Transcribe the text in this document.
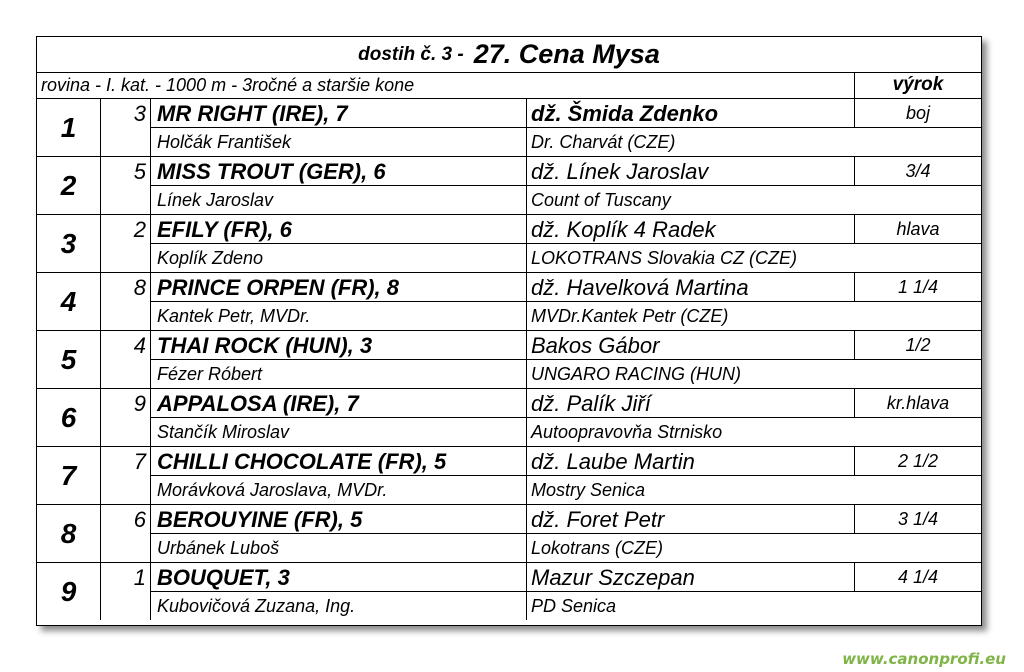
dostih č. 3 - 27. Cena Mysa
rovina - I. kat. - 1000 m - 3ročné a staršie kone	výrok
1	3 MR RIGHT (IRE), 7	dž. Šmida Zdenko	boj
Holčák František	Dr. Charvát (CZE)
2	5 MISS TROUT (GER), 6	dž. Línek Jaroslav	3/4
Línek Jaroslav	Count of Tuscany
3	2 EFILY (FR), 6	dž. Koplík 4 Radek	hlava
Koplík Zdeno	LOKOTRANS Slovakia CZ (CZE)
4	8 PRINCE ORPEN (FR), 8	dž. Havelková Martina	1 1/4
Kantek Petr, MVDr.	MVDr.Kantek Petr (CZE)
5	4 THAI ROCK (HUN), 3	Bakos Gábor	1/2
Fézer Róbert	UNGARO RACING (HUN)
6	9 APPALOSA (IRE), 7	dž. Palík Jiří	kr.hlava
Stančík Miroslav	Autoopravovňa Strnisko
7	7 CHILLI CHOCOLATE (FR), 5	dž. Laube Martin	2 1/2
Morávková Jaroslava, MVDr.	Mostry Senica
8	6 BEROUYINE (FR), 5	dž. Foret Petr	3 1/4
Urbánek Luboš	Lokotrans (CZE)
9	1 BOUQUET, 3	Mazur Szczepan	4 1/4
Kubovičová Zuzana, Ing.	PD Senica
www.canonprofi.eu
